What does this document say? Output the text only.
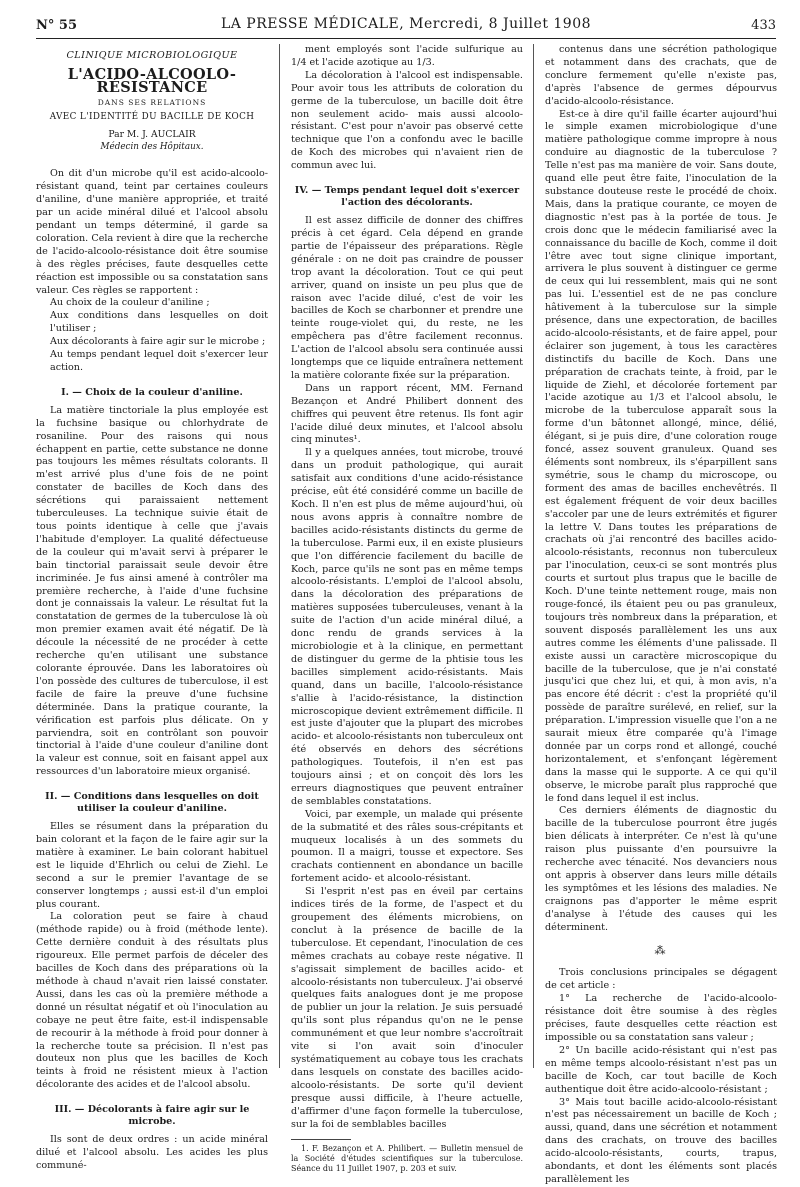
N° 55	LA PRESSE MÉDICALE, Mercredi, 8 Juillet 1908	433
CLINIQUE MICROBIOLOGIQUE
L'ACIDO-ALCOOLO-RÉSISTANCE
DANS SES RELATIONS
AVEC L'IDENTITÉ DU BACILLE DE KOCH
Par M. J. AUCLAIR
Médecin des Hôpitaux.

On dit d'un microbe qu'il est acido-alcoolo-résistant quand, teint par certaines couleurs d'aniline, d'une manière appropriée, et traité par un acide minéral dilué et l'alcool absolu pendant un temps déterminé, il garde sa coloration. Cela revient à dire que la recherche de l'acido-alcoolo-résistance doit être soumise à des règles précises, faute desquelles cette réaction est impossible ou sa constatation sans valeur. Ces règles se rapportent :

Au choix de la couleur d'aniline ;

Aux conditions dans lesquelles on doit l'utiliser ;

Aux décolorants à faire agir sur le microbe ;

Au temps pendant lequel doit s'exercer leur action.

I. — Choix de la couleur d'aniline.

La matière tinctoriale la plus employée est la fuchsine basique ou chlorhydrate de rosaniline. Pour des raisons qui nous échappent en partie, cette substance ne donne pas toujours les mêmes résultats colorants. Il m'est arrivé plus d'une fois de ne point constater de bacilles de Koch dans des sécrétions qui paraissaient nettement tuberculeuses. La technique suivie était de tous points identique à celle que j'avais l'habitude d'employer. La qualité défectueuse de la couleur qui m'avait servi à préparer le bain tinctorial paraissait seule devoir être incriminée. Je fus ainsi amené à contrôler ma première recherche, à l'aide d'une fuchsine dont je connaissais la valeur. Le résultat fut la constatation de germes de la tuberculose là où mon premier examen avait été négatif. De là découle la nécessité de ne procéder à cette recherche qu'en utilisant une substance colorante éprouvée. Dans les laboratoires où l'on possède des cultures de tuberculose, il est facile de faire la preuve d'une fuchsine déterminée. Dans la pratique courante, la vérification est parfois plus délicate. On y parviendra, soit en contrôlant son pouvoir tinctorial à l'aide d'une couleur d'aniline dont la valeur est connue, soit en faisant appel aux ressources d'un laboratoire mieux organisé.

II. — Conditions dans lesquelles on doit utiliser la couleur d'aniline.

Elles se résument dans la préparation du bain colorant et la façon de le faire agir sur la matière à examiner. Le bain colorant habituel est le liquide d'Ehrlich ou celui de Ziehl. Le second a sur le premier l'avantage de se conserver longtemps ; aussi est-il d'un emploi plus courant.

La coloration peut se faire à chaud (méthode rapide) ou à froid (méthode lente). Cette dernière conduit à des résultats plus rigoureux. Elle permet parfois de déceler des bacilles de Koch dans des préparations où la méthode à chaud n'avait rien laissé constater. Aussi, dans les cas où la première méthode a donné un résultat négatif et où l'inoculation au cobaye ne peut être faite, est-il indispensable de recourir à la méthode à froid pour donner à la recherche toute sa précision. Il n'est pas douteux non plus que les bacilles de Koch teints à froid ne résistent mieux à l'action décolorante des acides et de l'alcool absolu.

III. — Décolorants à faire agir sur le microbe.

Ils sont de deux ordres : un acide minéral dilué et l'alcool absolu. Les acides les plus communé-

ment employés sont l'acide sulfurique au 1/4 et l'acide azotique au 1/3.

La décoloration à l'alcool est indispensable. Pour avoir tous les attributs de coloration du germe de la tuberculose, un bacille doit être non seulement acido- mais aussi alcoolo-résistant. C'est pour n'avoir pas observé cette technique que l'on a confondu avec le bacille de Koch des microbes qui n'avaient rien de commun avec lui.

IV. — Temps pendant lequel doit s'exercer l'action des décolorants.

Il est assez difficile de donner des chiffres précis à cet égard. Cela dépend en grande partie de l'épaisseur des préparations. Règle générale : on ne doit pas craindre de pousser trop avant la décoloration. Tout ce qui peut arriver, quand on insiste un peu plus que de raison avec l'acide dilué, c'est de voir les bacilles de Koch se charbonner et prendre une teinte rouge-violet qui, du reste, ne les empêchera pas d'être facilement reconnus. L'action de l'alcool absolu sera continuée aussi longtemps que ce liquide entraînera nettement la matière colorante fixée sur la préparation.

Dans un rapport récent, MM. Fernand Bezançon et André Philibert donnent des chiffres qui peuvent être retenus. Ils font agir l'acide dilué deux minutes, et l'alcool absolu cinq minutes¹.

Il y a quelques années, tout microbe, trouvé dans un produit pathologique, qui aurait satisfait aux conditions d'une acido-résistance précise, eût été considéré comme un bacille de Koch. Il n'en est plus de même aujourd'hui, où nous avons appris à connaître nombre de bacilles acido-résistants distincts du germe de la tuberculose. Parmi eux, il en existe plusieurs que l'on différencie facilement du bacille de Koch, parce qu'ils ne sont pas en même temps alcoolo-résistants. L'emploi de l'alcool absolu, dans la décoloration des préparations de matières supposées tuberculeuses, venant à la suite de l'action d'un acide minéral dilué, a donc rendu de grands services à la microbiologie et à la clinique, en permettant de distinguer du germe de la phtisie tous les bacilles simplement acido-résistants. Mais quand, dans un bacille, l'alcoolo-résistance s'allie à l'acido-résistance, la distinction microscopique devient extrêmement difficile. Il est juste d'ajouter que la plupart des microbes acido- et alcoolo-résistants non tuberculeux ont été observés en dehors des sécrétions pathologiques. Toutefois, il n'en est pas toujours ainsi ; et on conçoit dès lors les erreurs diagnostiques que peuvent entraîner de semblables constatations.

Voici, par exemple, un malade qui présente de la submatité et des râles sous-crépitants et muqueux localisés à un des sommets du poumon. Il a maigri, tousse et expectore. Ses crachats contiennent en abondance un bacille fortement acido- et alcoolo-résistant.

Si l'esprit n'est pas en éveil par certains indices tirés de la forme, de l'aspect et du groupement des éléments microbiens, on conclut à la présence de bacille de la tuberculose. Et cependant, l'inoculation de ces mêmes crachats au cobaye reste négative. Il s'agissait simplement de bacilles acido- et alcoolo-résistants non tuberculeux. J'ai observé quelques faits analogues dont je me propose de publier un jour la relation. Je suis persuadé qu'ils sont plus répandus qu'on ne le pense communément et que leur nombre s'accroîtrait vite si l'on avait soin d'inoculer systématiquement au cobaye tous les crachats dans lesquels on constate des bacilles acido-alcoolo-résistants. De sorte qu'il devient presque aussi difficile, à l'heure actuelle, d'affirmer d'une façon formelle la tuberculose, sur la foi de semblables bacilles

1. F. Bezançon et A. Philibert. — Bulletin mensuel de la Société d'études scientifiques sur la tuberculose. Séance du 11 Juillet 1907, p. 203 et suiv.

contenus dans une sécrétion pathologique et notamment dans des crachats, que de conclure fermement qu'elle n'existe pas, d'après l'absence de germes dépourvus d'acido-alcoolo-résistance.

Est-ce à dire qu'il faille écarter aujourd'hui le simple examen microbiologique d'une matière pathologique comme impropre à nous conduire au diagnostic de la tuberculose ? Telle n'est pas ma manière de voir. Sans doute, quand elle peut être faite, l'inoculation de la substance douteuse reste le procédé de choix. Mais, dans la pratique courante, ce moyen de diagnostic n'est pas à la portée de tous. Je crois donc que le médecin familiarisé avec la connaissance du bacille de Koch, comme il doit l'être avec tout signe clinique important, arrivera le plus souvent à distinguer ce germe de ceux qui lui ressemblent, mais qui ne sont pas lui. L'essentiel est de ne pas conclure hâtivement à la tuberculose sur la simple présence, dans une expectoration, de bacilles acido-alcoolo-résistants, et de faire appel, pour éclairer son jugement, à tous les caractères distinctifs du bacille de Koch. Dans une préparation de crachats teinte, à froid, par le liquide de Ziehl, et décolorée fortement par l'acide azotique au 1/3 et l'alcool absolu, le microbe de la tuberculose apparaît sous la forme d'un bâtonnet allongé, mince, délié, élégant, si je puis dire, d'une coloration rouge foncé, assez souvent granuleux. Quand ses éléments sont nombreux, ils s'éparpillent sans symétrie, sous le champ du microscope, ou forment des amas de bacilles enchevêtrés. Il est également fréquent de voir deux bacilles s'accoler par une de leurs extrémités et figurer la lettre V. Dans toutes les préparations de crachats où j'ai rencontré des bacilles acido-alcoolo-résistants, reconnus non tuberculeux par l'inoculation, ceux-ci se sont montrés plus courts et surtout plus trapus que le bacille de Koch. D'une teinte nettement rouge, mais non rouge-foncé, ils étaient peu ou pas granuleux, toujours très nombreux dans la préparation, et souvent disposés parallèlement les uns aux autres comme les éléments d'une palissade. Il existe aussi un caractère microscopique du bacille de la tuberculose, que je n'ai constaté jusqu'ici que chez lui, et qui, à mon avis, n'a pas encore été décrit : c'est la propriété qu'il possède de paraître surélevé, en relief, sur la préparation. L'impression visuelle que l'on a ne saurait mieux être comparée qu'à l'image donnée par un corps rond et allongé, couché horizontalement, et s'enfonçant légèrement dans la masse qui le supporte. A ce qui qu'il observe, le microbe paraît plus rapproché que le fond dans lequel il est inclus.

Ces derniers éléments de diagnostic du bacille de la tuberculose pourront être jugés bien délicats à interpréter. Ce n'est là qu'une raison plus puissante d'en poursuivre la recherche avec ténacité. Nos devanciers nous ont appris à observer dans leurs mille détails les symptômes et les lésions des maladies. Ne craignons pas d'apporter le même esprit d'analyse à l'étude des causes qui les déterminent.

⁂

Trois conclusions principales se dégagent de cet article :

1° La recherche de l'acido-alcoolo-résistance doit être soumise à des règles précises, faute desquelles cette réaction est impossible ou sa constatation sans valeur ;

2° Un bacille acido-résistant qui n'est pas en même temps alcoolo-résistant n'est pas un bacille de Koch, car tout bacille de Koch authentique doit être acido-alcoolo-résistant ;

3° Mais tout bacille acido-alcoolo-résistant n'est pas nécessairement un bacille de Koch ; aussi, quand, dans une sécrétion et notamment dans des crachats, on trouve des bacilles acido-alcoolo-résistants, courts, trapus, abondants, et dont les éléments sont placés parallèlement les
